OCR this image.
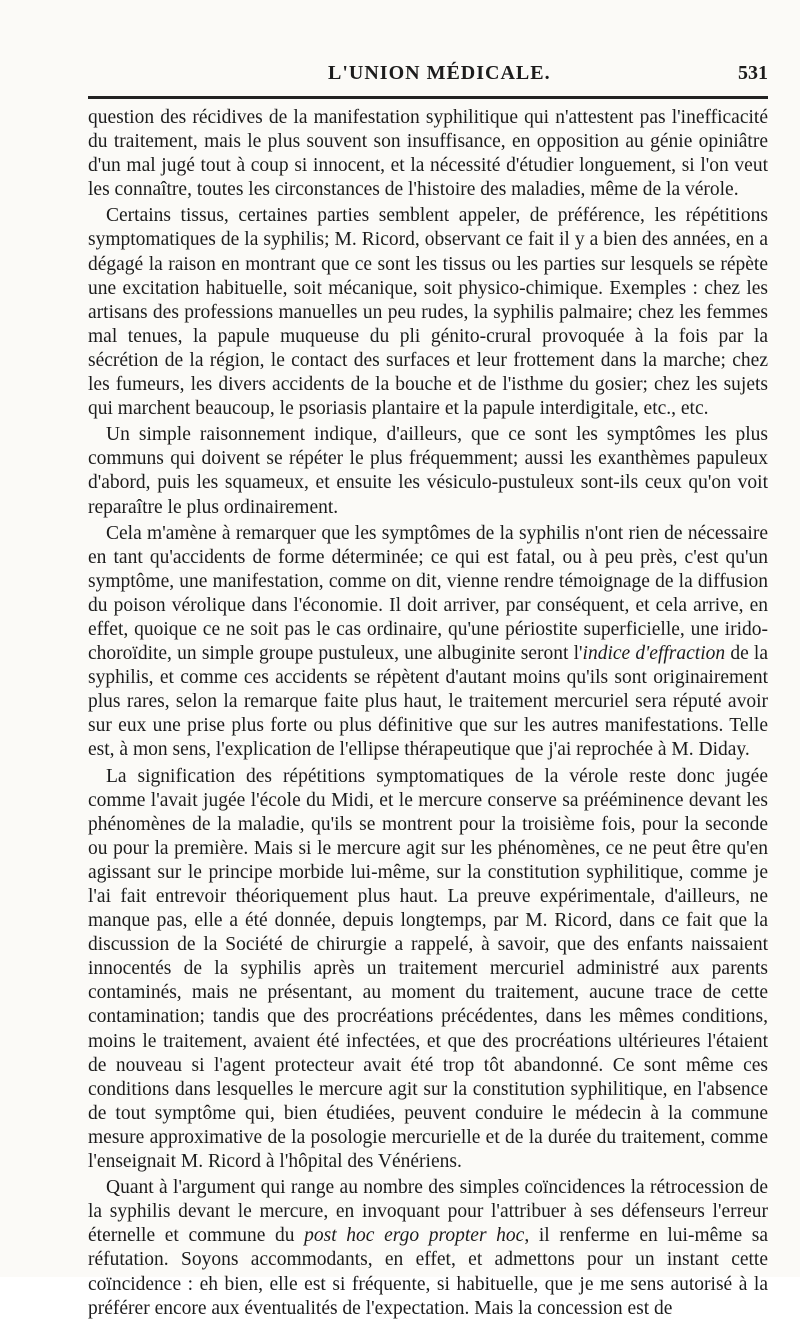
L'UNION MÉDICALE.	531

question des récidives de la manifestation syphilitique qui n'attestent pas l'inefficacité du traitement, mais le plus souvent son insuffisance, en opposition au génie opiniâtre d'un mal jugé tout à coup si innocent, et la nécessité d'étudier longuement, si l'on veut les connaître, toutes les circonstances de l'histoire des maladies, même de la vérole.

Certains tissus, certaines parties semblent appeler, de préférence, les répétitions symptomatiques de la syphilis; M. Ricord, observant ce fait il y a bien des années, en a dégagé la raison en montrant que ce sont les tissus ou les parties sur lesquels se répète une excitation habituelle, soit mécanique, soit physico-chimique. Exemples : chez les artisans des professions manuelles un peu rudes, la syphilis palmaire; chez les femmes mal tenues, la papule muqueuse du pli génito-crural provoquée à la fois par la sécrétion de la région, le contact des surfaces et leur frottement dans la marche; chez les fumeurs, les divers accidents de la bouche et de l'isthme du gosier; chez les sujets qui marchent beaucoup, le psoriasis plantaire et la papule interdigitale, etc., etc.

Un simple raisonnement indique, d'ailleurs, que ce sont les symptômes les plus communs qui doivent se répéter le plus fréquemment; aussi les exanthèmes papuleux d'abord, puis les squameux, et ensuite les vésiculo-pustuleux sont-ils ceux qu'on voit reparaître le plus ordinairement.

Cela m'amène à remarquer que les symptômes de la syphilis n'ont rien de nécessaire en tant qu'accidents de forme déterminée; ce qui est fatal, ou à peu près, c'est qu'un symptôme, une manifestation, comme on dit, vienne rendre témoignage de la diffusion du poison vérolique dans l'économie. Il doit arriver, par conséquent, et cela arrive, en effet, quoique ce ne soit pas le cas ordinaire, qu'une périostite superficielle, une irido-choroïdite, un simple groupe pustuleux, une albuginite seront l'indice d'effraction de la syphilis, et comme ces accidents se répètent d'autant moins qu'ils sont originairement plus rares, selon la remarque faite plus haut, le traitement mercuriel sera réputé avoir sur eux une prise plus forte ou plus définitive que sur les autres manifestations. Telle est, à mon sens, l'explication de l'ellipse thérapeutique que j'ai reprochée à M. Diday.

La signification des répétitions symptomatiques de la vérole reste donc jugée comme l'avait jugée l'école du Midi, et le mercure conserve sa prééminence devant les phénomènes de la maladie, qu'ils se montrent pour la troisième fois, pour la seconde ou pour la première. Mais si le mercure agit sur les phénomènes, ce ne peut être qu'en agissant sur le principe morbide lui-même, sur la constitution syphilitique, comme je l'ai fait entrevoir théoriquement plus haut. La preuve expérimentale, d'ailleurs, ne manque pas, elle a été donnée, depuis longtemps, par M. Ricord, dans ce fait que la discussion de la Société de chirurgie a rappelé, à savoir, que des enfants naissaient innocentés de la syphilis après un traitement mercuriel administré aux parents contaminés, mais ne présentant, au moment du traitement, aucune trace de cette contamination; tandis que des procréations précédentes, dans les mêmes conditions, moins le traitement, avaient été infectées, et que des procréations ultérieures l'étaient de nouveau si l'agent protecteur avait été trop tôt abandonné. Ce sont même ces conditions dans lesquelles le mercure agit sur la constitution syphilitique, en l'absence de tout symptôme qui, bien étudiées, peuvent conduire le médecin à la commune mesure approximative de la posologie mercurielle et de la durée du traitement, comme l'enseignait M. Ricord à l'hôpital des Vénériens.

Quant à l'argument qui range au nombre des simples coïncidences la rétrocession de la syphilis devant le mercure, en invoquant pour l'attribuer à ses défenseurs l'erreur éternelle et commune du post hoc ergo propter hoc, il renferme en lui-même sa réfutation. Soyons accommodants, en effet, et admettons pour un instant cette coïncidence : eh bien, elle est si fréquente, si habituelle, que je me sens autorisé à la préférer encore aux éventualités de l'expectation. Mais la concession est de
